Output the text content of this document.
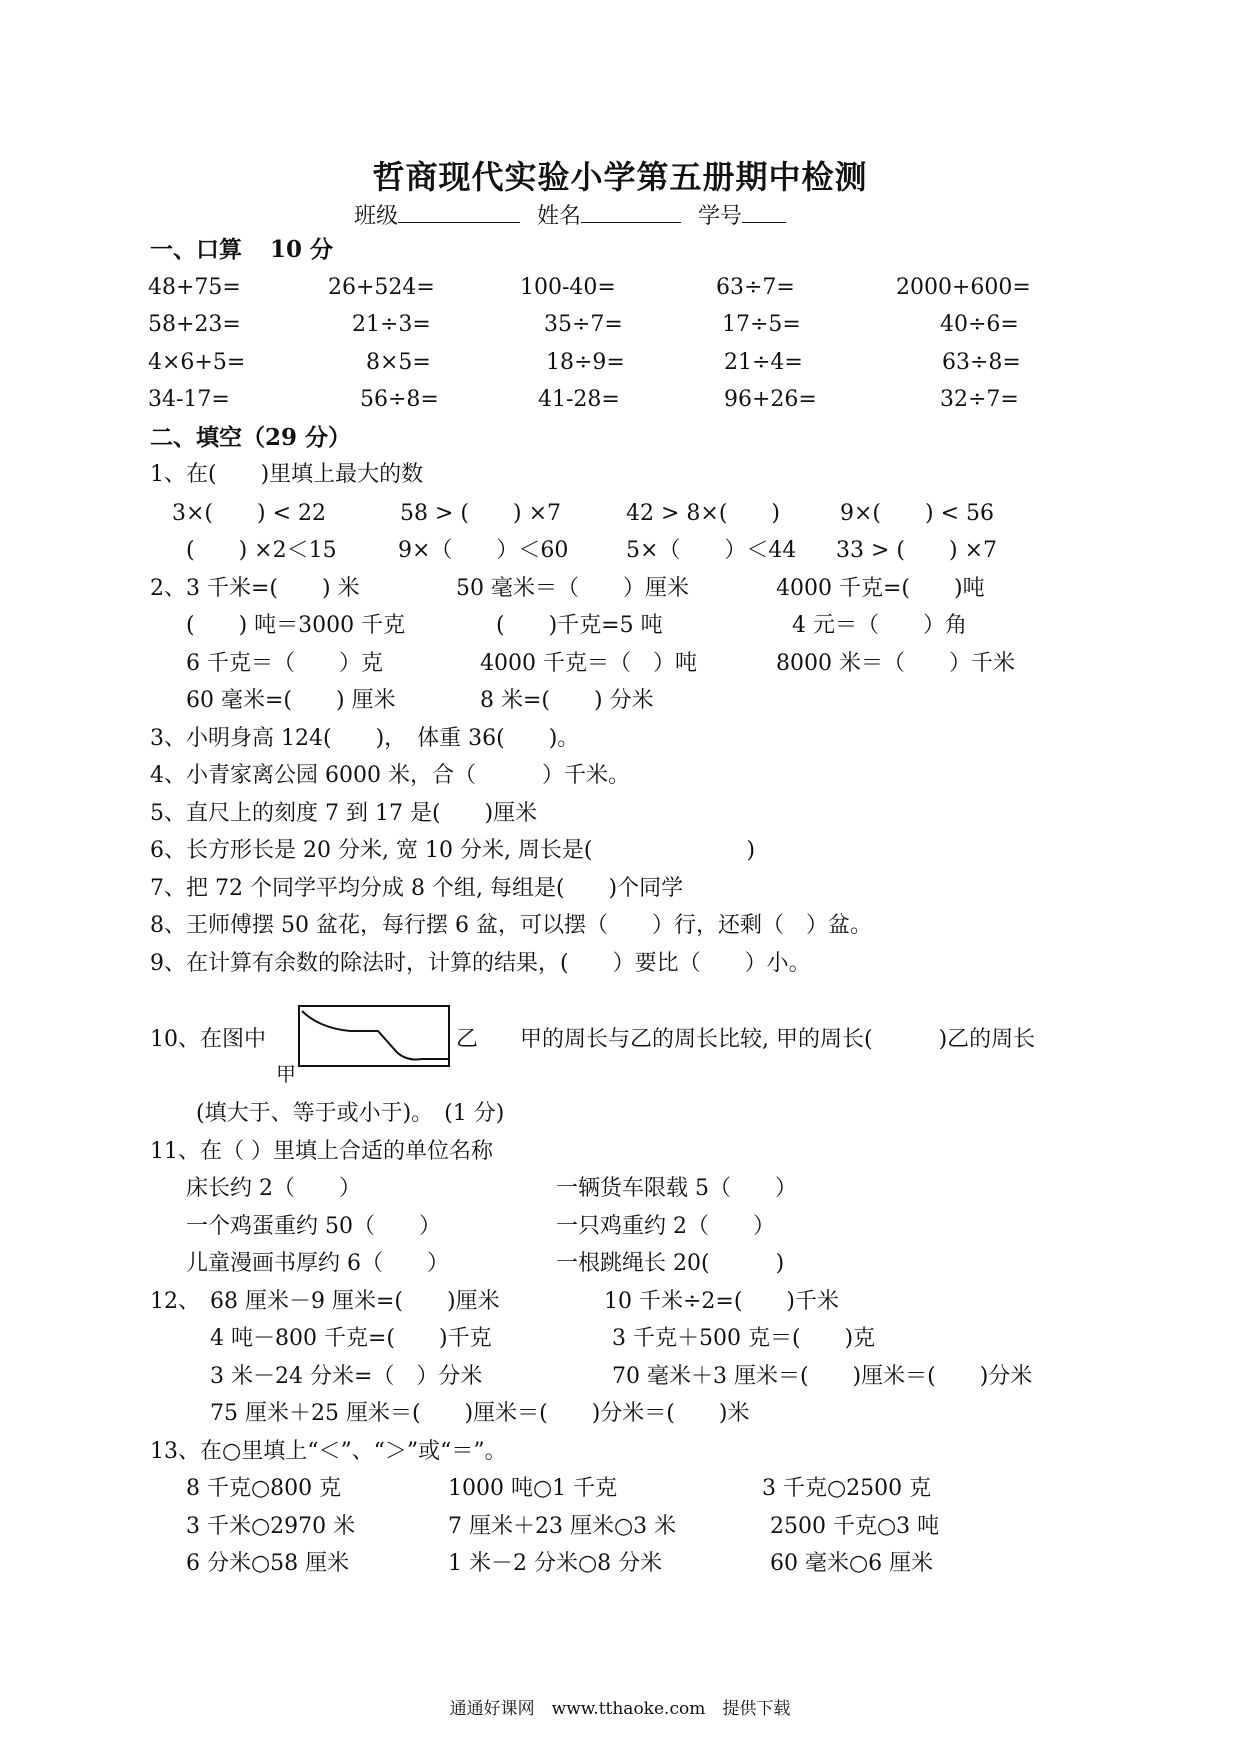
哲商现代实验小学第五册期中检测
班级	姓名	学号
一、口算 10 分
48+75=	26+524=	100-40=	63÷7=	2000+600=
58+23=	21÷3=	35÷7=	17÷5=	40÷6=
4×6+5=	8×5=	18÷9=	21÷4=	63÷8=
34-17=	56÷8=	41-28=	96+26=	32÷7=
二、填空（29 分）
1、在(　　)里填上最大的数
3×(　　) < 22	58 > (　　) ×7	42 > 8×(　　)	9×(　　) < 56
(　　) ×2＜15	9×（　　）＜60	5×（　　）＜44 33 > (　　) ×7
2、3 千米=(　　) 米	50 毫米＝（　　）厘米	4000 千克=(　　)吨
(　　) 吨＝3000 千克	(　　)千克=5 吨	4 元＝（　　）角
6 千克＝（　　）克	4000 千克＝（　）吨	8000 米＝（　　）千米
60 毫米=(　　) 厘米	8 米=(　　) 分米
3、小明身高 124(　　)，　体重 36(　　)。
4、小青家离公园 6000 米，合（　　　）千米。
5、直尺上的刻度 7 到 17 是(　　)厘米
6、长方形长是 20 分米, 宽 10 分米, 周长是(　　　　　　　)
7、把 72 个同学平均分成 8 个组, 每组是(　　)个同学
8、王师傅摆 50 盆花，每行摆 6 盆，可以摆（　　）行，还剩（　）盆。
9、在计算有余数的除法时，计算的结果，(　　）要比（　　）小。
10、在图中
甲
乙 甲的周长与乙的周长比较, 甲的周长(　　　)乙的周长
(填大于、等于或小于)。　(1 分)
11、在（ ）里填上合适的单位名称
床长约 2（　　）	一辆货车限载 5（　　）
一个鸡蛋重约 50（　　）	一只鸡重约 2（　　）
儿童漫画书厚约 6（　　）	一根跳绳长 20(　　　)
12、 68 厘米－9 厘米=(　　)厘米	10 千米÷2=(　　)千米
4 吨－800 千克=(　　)千克	3 千克＋500 克＝(　　)克
3 米－24 分米=（　）分米	70 毫米＋3 厘米＝(　　)厘米＝(　　)分米
75 厘米＋25 厘米＝(　　)厘米＝(　　)分米＝(　　)米
13、在○里填上“＜”、“＞”或“＝”。
8 千克○800 克	1000 吨○1 千克	3 千克○2500 克
3 千米○2970 米	7 厘米＋23 厘米○3 米	2500 千克○3 吨
6 分米○58 厘米	1 米－2 分米○8 分米	60 毫米○6 厘米
通通好课网　www.tthaoke.com　提供下载
